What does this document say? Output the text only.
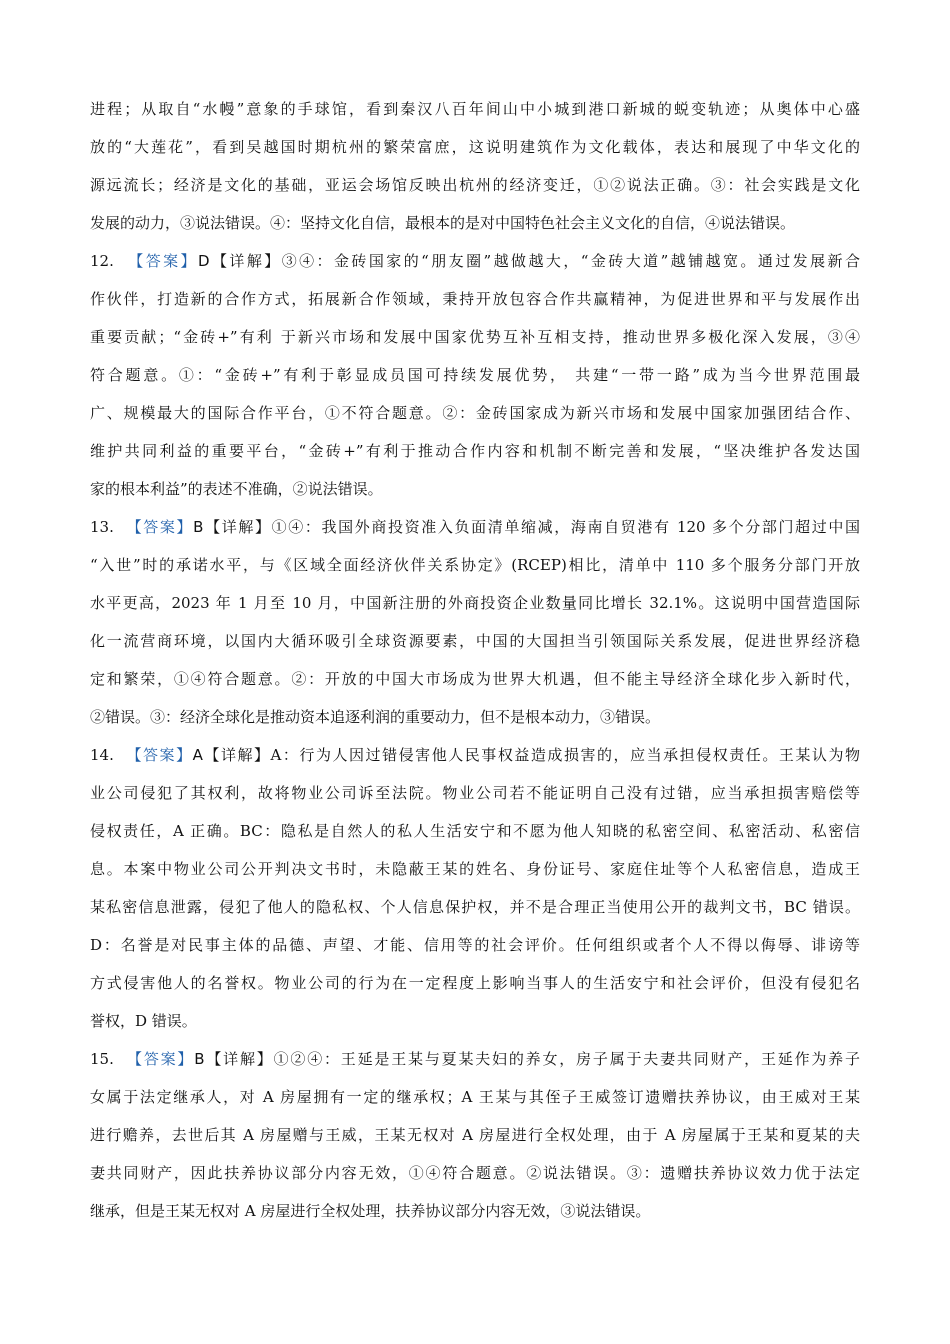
进程；从取自“水幔”意象的手球馆，看到秦汉八百年间山中小城到港口新城的蜕变轨迹；从奥体中心盛
放的“大莲花”，看到吴越国时期杭州的繁荣富庶，这说明建筑作为文化载体，表达和展现了中华文化的
源远流长；经济是文化的基础，亚运会场馆反映出杭州的经济变迁，①②说法正确。③：社会实践是文化
发展的动力，③说法错误。④：坚持文化自信，最根本的是对中国特色社会主义文化的自信，④说法错误。
12. 【答案】D【详解】③④：金砖国家的“朋友圈”越做越大，“金砖大道”越铺越宽。通过发展新合
作伙伴，打造新的合作方式，拓展新合作领域，秉持开放包容合作共赢精神，为促进世界和平与发展作出
重要贡献；“金砖+”有利 于新兴市场和发展中国家优势互补互相支持，推动世界多极化深入发展，③④
符合题意。①：“金砖+”有利于彰显成员国可持续发展优势， 共建“一带一路”成为当今世界范围最
广、规模最大的国际合作平台，①不符合题意。②：金砖国家成为新兴市场和发展中国家加强团结合作、
维护共同利益的重要平台，“金砖+”有利于推动合作内容和机制不断完善和发展，“坚决维护各发达国
家的根本利益”的表述不准确，②说法错误。
13. 【答案】B【详解】①④：我国外商投资准入负面清单缩减，海南自贸港有 120 多个分部门超过中国
“入世”时的承诺水平，与《区域全面经济伙伴关系协定》(RCEP)相比，清单中 110 多个服务分部门开放
水平更高，2023 年 1 月至 10 月，中国新注册的外商投资企业数量同比增长 32.1%。这说明中国营造国际
化一流营商环境，以国内大循环吸引全球资源要素，中国的大国担当引领国际关系发展，促进世界经济稳
定和繁荣，①④符合题意。②：开放的中国大市场成为世界大机遇，但不能主导经济全球化步入新时代，
②错误。③：经济全球化是推动资本追逐利润的重要动力，但不是根本动力，③错误。
14. 【答案】A【详解】A：行为人因过错侵害他人民事权益造成损害的，应当承担侵权责任。王某认为物
业公司侵犯了其权利，故将物业公司诉至法院。物业公司若不能证明自己没有过错，应当承担损害赔偿等
侵权责任，A 正确。BC：隐私是自然人的私人生活安宁和不愿为他人知晓的私密空间、私密活动、私密信
息。本案中物业公司公开判决文书时，未隐蔽王某的姓名、身份证号、家庭住址等个人私密信息，造成王
某私密信息泄露，侵犯了他人的隐私权、个人信息保护权，并不是合理正当使用公开的裁判文书，BC 错误。
D：名誉是对民事主体的品德、声望、才能、信用等的社会评价。任何组织或者个人不得以侮辱、诽谤等
方式侵害他人的名誉权。物业公司的行为在一定程度上影响当事人的生活安宁和社会评价，但没有侵犯名
誉权，D 错误。
15. 【答案】B【详解】①②④：王延是王某与夏某夫妇的养女，房子属于夫妻共同财产，王延作为养子
女属于法定继承人，对 A 房屋拥有一定的继承权；A 王某与其侄子王威签订遗赠扶养协议，由王威对王某
进行赡养，去世后其 A 房屋赠与王威，王某无权对 A 房屋进行全权处理，由于 A 房屋属于王某和夏某的夫
妻共同财产，因此扶养协议部分内容无效，①④符合题意。②说法错误。③：遗赠扶养协议效力优于法定
继承，但是王某无权对 A 房屋进行全权处理，扶养协议部分内容无效，③说法错误。
